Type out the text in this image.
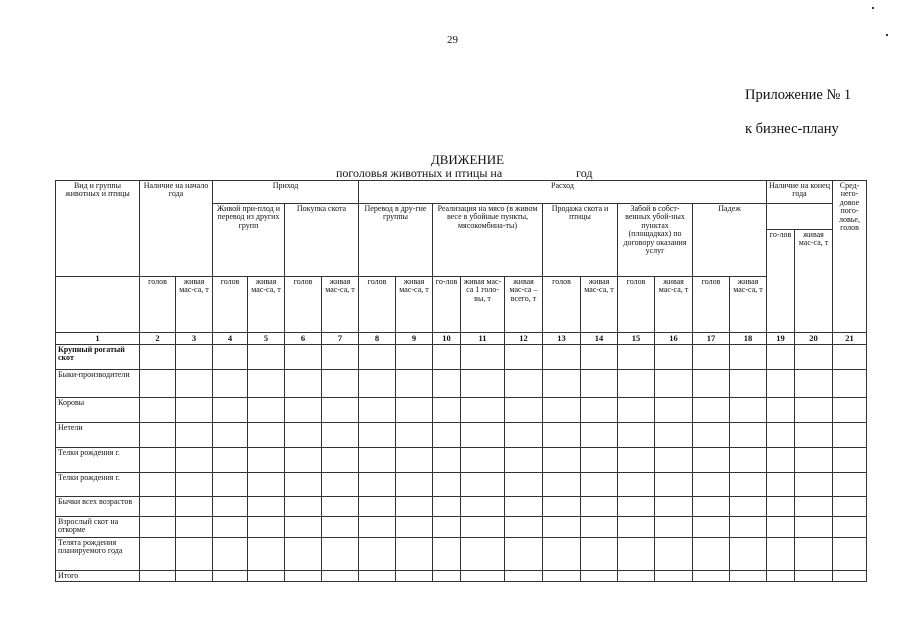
29
Приложение № 1
к бизнес-плану
ДВИЖЕНИЕ
поголовья животных и птицы на	год
Вид и группы животных и птицы	Наличие на начало года		Приход				Расход											Наличие на конец года		Сред-него-довое пого-ловье, голов
			Живой при-плод и перевод из других групп		Покупка скота		Перевод в дру-гие группы		Реализация на мясо (в живом весе в убойные пункты, мясокомбина-ты)			Продажа скота и птицы		Забой в собст-венных убой-ных пунктах (площадках) по договору оказания услуг		Падеж				
																		го-лов	живая мас-са, т	
	голов	живая мас-са, т	голов	живая мас-са, т	голов	живая мас-са, т	голов	живая мас-са, т	го-лов	живая мас-са 1 голо-вы, т	живая мас-са – всего, т	голов	живая мас-са, т	голов	живая мас-са, т	голов	живая мас-са, т			
1	2	3	4	5	6	7	8	9	10	11	12	13	14	15	16	17	18	19	20	21
Крупный рогатый скот																				
Быки-производители																				
Коровы																				
Нетели																				
Телки рождения г.																				
Телки рождения г.																				
Бычки всех возрастов																				
Взрослый скот на откорме																				
Телята рождения планируемого года																				
Итого																				
